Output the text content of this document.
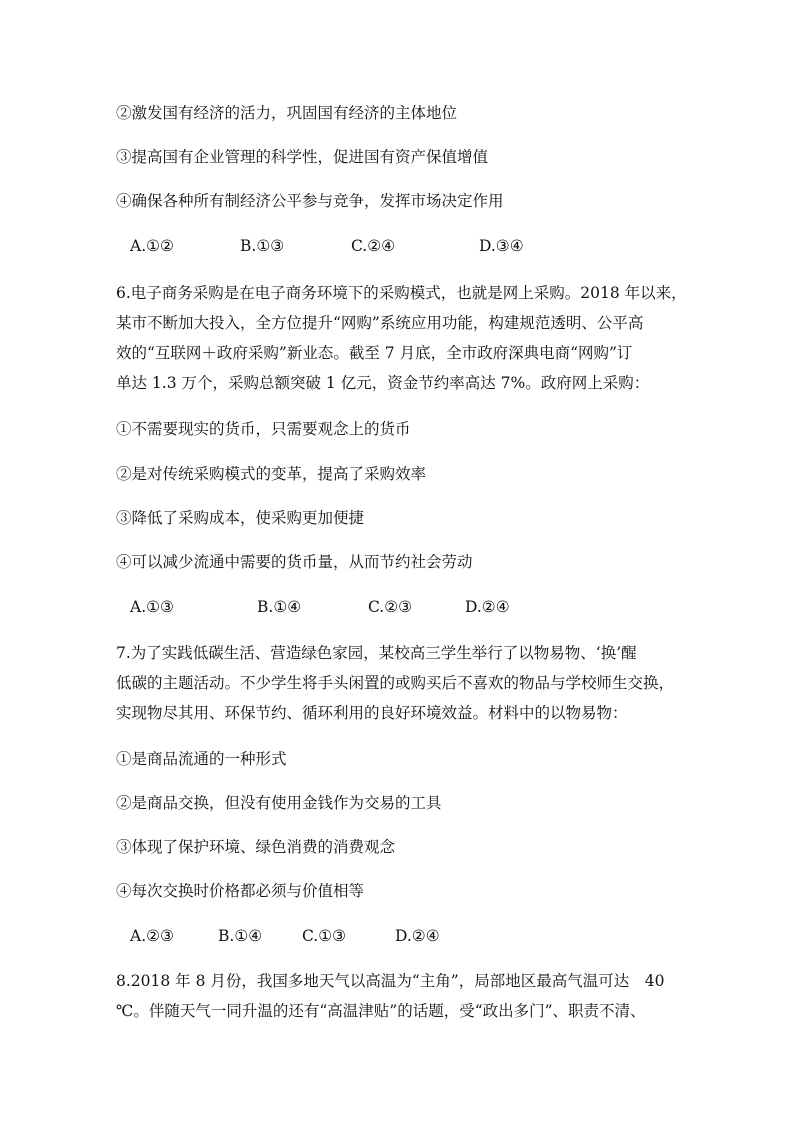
②激发国有经济的活力，巩固国有经济的主体地位
③提高国有企业管理的科学性，促进国有资产保值增值
④确保各种所有制经济公平参与竞争，发挥市场决定作用
A.①②	B.①③	C.②④	D.③④
6.电子商务采购是在电子商务环境下的采购模式，也就是网上采购。2018 年以来，
某市不断加大投入，全方位提升“网购”系统应用功能，构建规范透明、公平高
效的“互联网＋政府采购”新业态。截至 7 月底，全市政府深典电商“网购”订
单达 1.3 万个，采购总额突破 1 亿元，资金节约率高达 7%。政府网上采购：
①不需要现实的货币，只需要观念上的货币
②是对传统采购模式的变革，提高了采购效率
③降低了采购成本，使采购更加便捷
④可以减少流通中需要的货币量，从而节约社会劳动
A.①③	B.①④	C.②③	D.②④
7.为了实践低碳生活、营造绿色家园，某校高三学生举行了以物易物、‘换’醒
低碳的主题活动。不少学生将手头闲置的或购买后不喜欢的物品与学校师生交换，
实现物尽其用、环保节约、循环利用的良好环境效益。材料中的以物易物：
①是商品流通的一种形式
②是商品交换，但没有使用金钱作为交易的工具
③体现了保护环境、绿色消费的消费观念
④每次交换时价格都必须与价值相等
A.②③	B.①④	C.①③	D.②④
8.2018 年 8 月份，我国多地天气以高温为“主角”，局部地区最高气温可达　40
℃。伴随天气一同升温的还有“高温津贴”的话题，受“政出多门”、职责不清、
